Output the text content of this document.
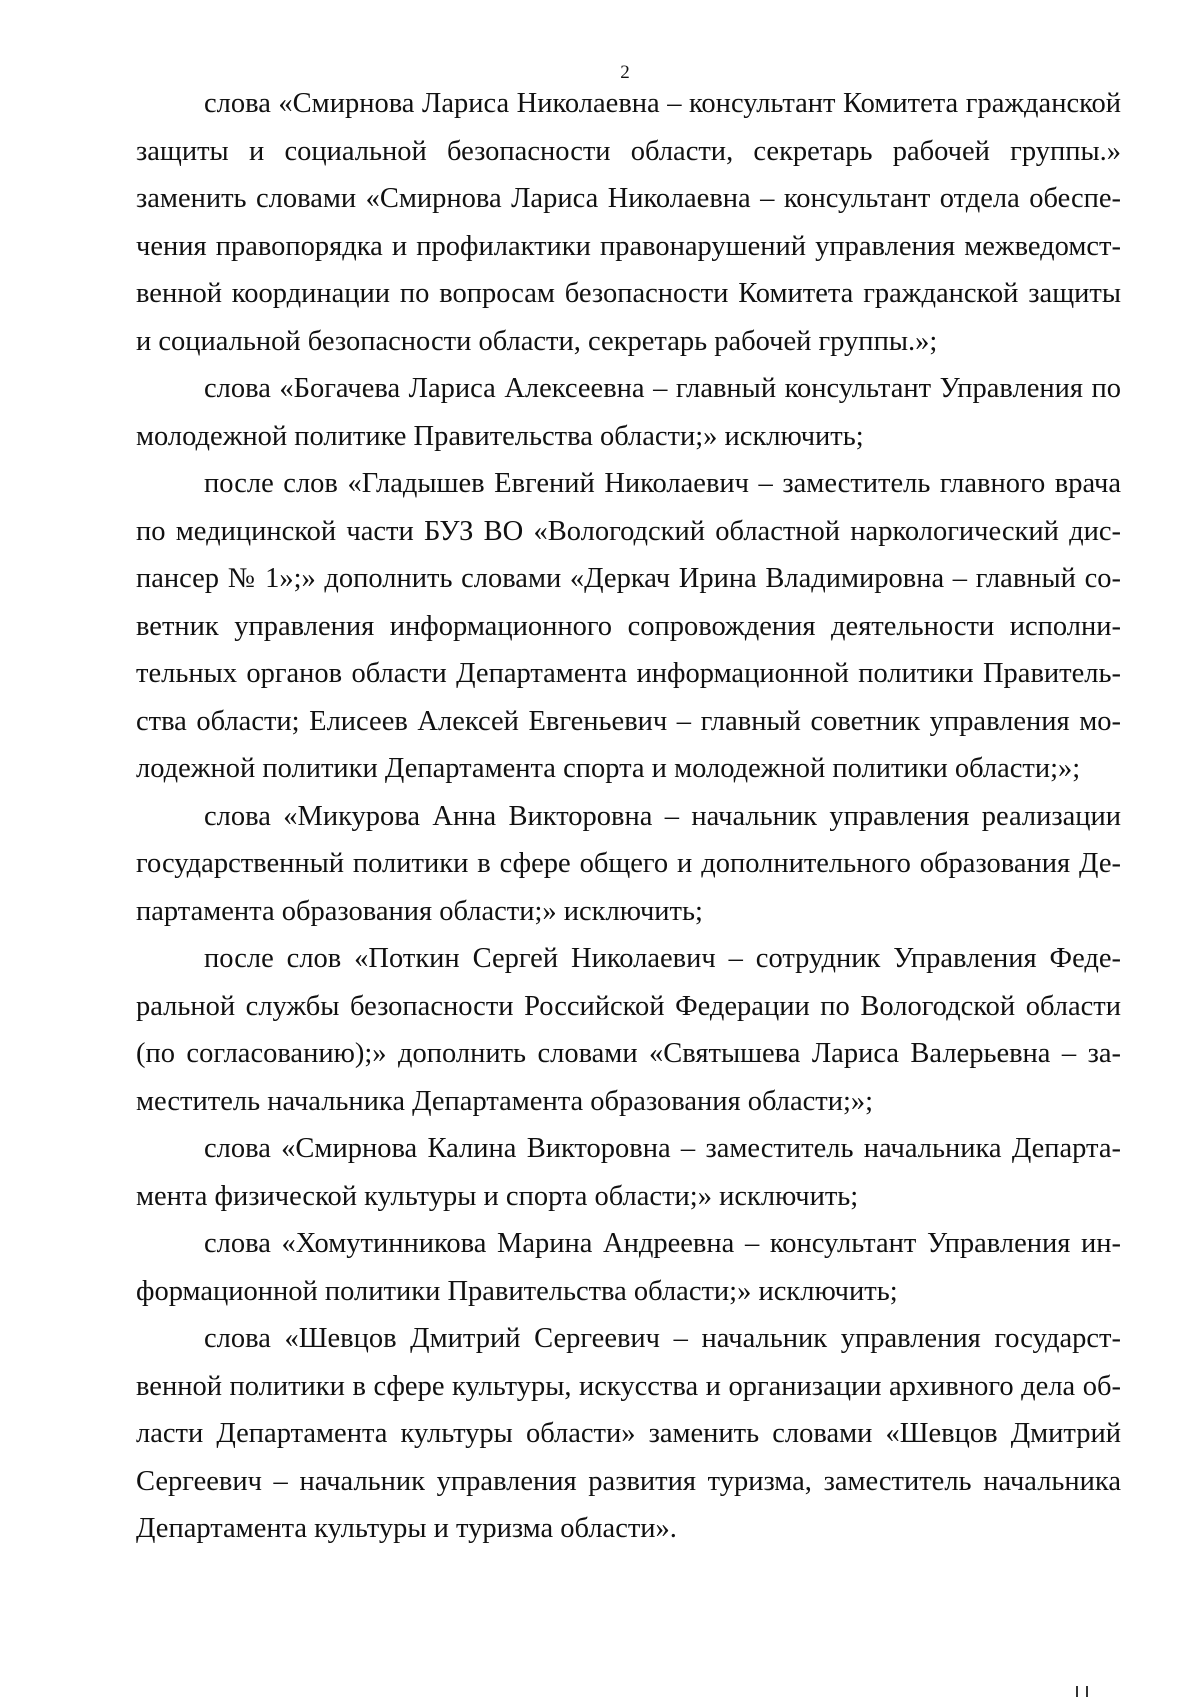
2

слова «Смирнова Лариса Николаевна – консультант Комитета гражданской защиты и социальной безопасности области, секретарь рабочей группы.» заменить словами «Смирнова Лариса Николаевна – консультант отдела обеспечения правопорядка и профилактики правонарушений управления межведомственной координации по вопросам безопасности Комитета гражданской защиты и социальной безопасности области, секретарь рабочей группы.»;

слова «Богачева Лариса Алексеевна – главный консультант Управления по молодежной политике Правительства области;» исключить;

после слов «Гладышев Евгений Николаевич – заместитель главного врача по медицинской части БУЗ ВО «Вологодский областной наркологический диспансер № 1»;» дополнить словами «Деркач Ирина Владимировна – главный советник управления информационного сопровождения деятельности исполнительных органов области Департамента информационной политики Правительства области; Елисеев Алексей Евгеньевич – главный советник управления молодежной политики Департамента спорта и молодежной политики области;»;

слова «Микурова Анна Викторовна – начальник управления реализации государственный политики в сфере общего и дополнительного образования Департамента образования области;» исключить;

после слов «Поткин Сергей Николаевич – сотрудник Управления Федеральной службы безопасности Российской Федерации по Вологодской области (по согласованию);» дополнить словами «Святышева Лариса Валерьевна – заместитель начальника Департамента образования области;»;

слова «Смирнова Калина Викторовна – заместитель начальника Департамента физической культуры и спорта области;» исключить;

слова «Хомутинникова Марина Андреевна – консультант Управления информационной политики Правительства области;» исключить;

слова «Шевцов Дмитрий Сергеевич – начальник управления государственной политики в сфере культуры, искусства и организации архивного дела области Департамента культуры области» заменить словами «Шевцов Дмитрий Сергеевич – начальник управления развития туризма, заместитель начальника Департамента культуры и туризма области».
